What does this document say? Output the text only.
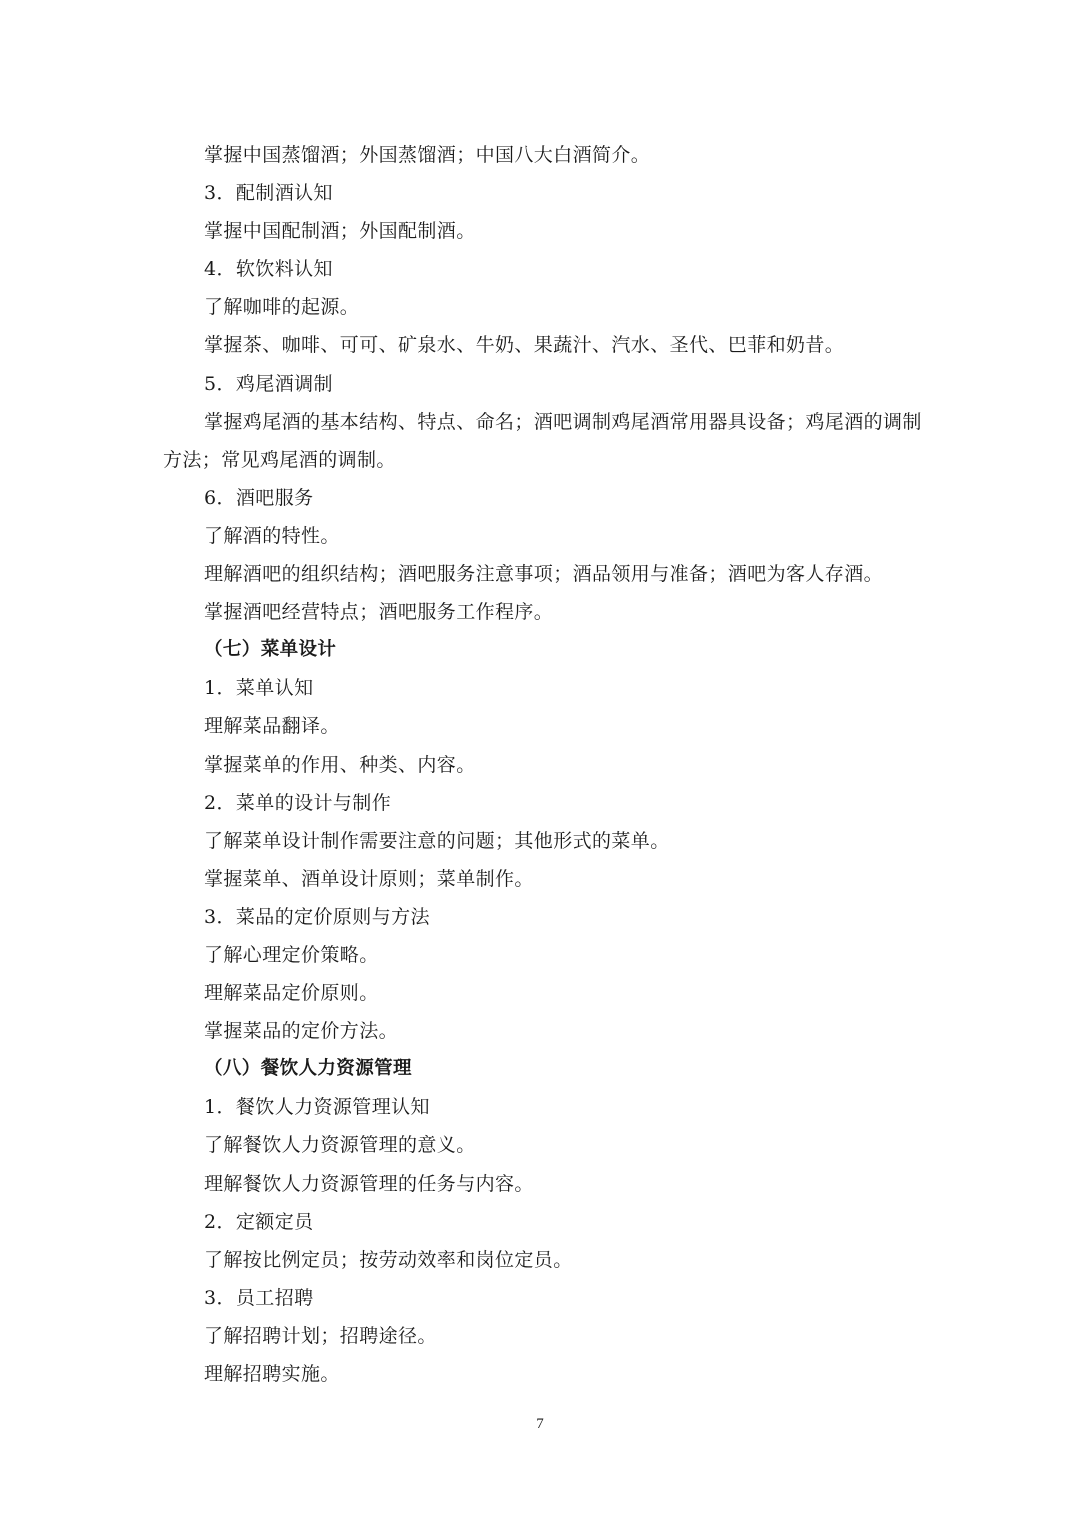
掌握中国蒸馏酒；外国蒸馏酒；中国八大白酒简介。
3．配制酒认知
掌握中国配制酒；外国配制酒。
4．软饮料认知
了解咖啡的起源。
掌握茶、咖啡、可可、矿泉水、牛奶、果蔬汁、汽水、圣代、巴菲和奶昔。
5．鸡尾酒调制
掌握鸡尾酒的基本结构、特点、命名；酒吧调制鸡尾酒常用器具设备；鸡尾酒的调制方法；常见鸡尾酒的调制。
6．酒吧服务
了解酒的特性。
理解酒吧的组织结构；酒吧服务注意事项；酒品领用与准备；酒吧为客人存酒。
掌握酒吧经营特点；酒吧服务工作程序。
（七）菜单设计
1．菜单认知
理解菜品翻译。
掌握菜单的作用、种类、内容。
2．菜单的设计与制作
了解菜单设计制作需要注意的问题；其他形式的菜单。
掌握菜单、酒单设计原则；菜单制作。
3．菜品的定价原则与方法
了解心理定价策略。
理解菜品定价原则。
掌握菜品的定价方法。
（八）餐饮人力资源管理
1．餐饮人力资源管理认知
了解餐饮人力资源管理的意义。
理解餐饮人力资源管理的任务与内容。
2．定额定员
了解按比例定员；按劳动效率和岗位定员。
3．员工招聘
了解招聘计划；招聘途径。
理解招聘实施。
7
